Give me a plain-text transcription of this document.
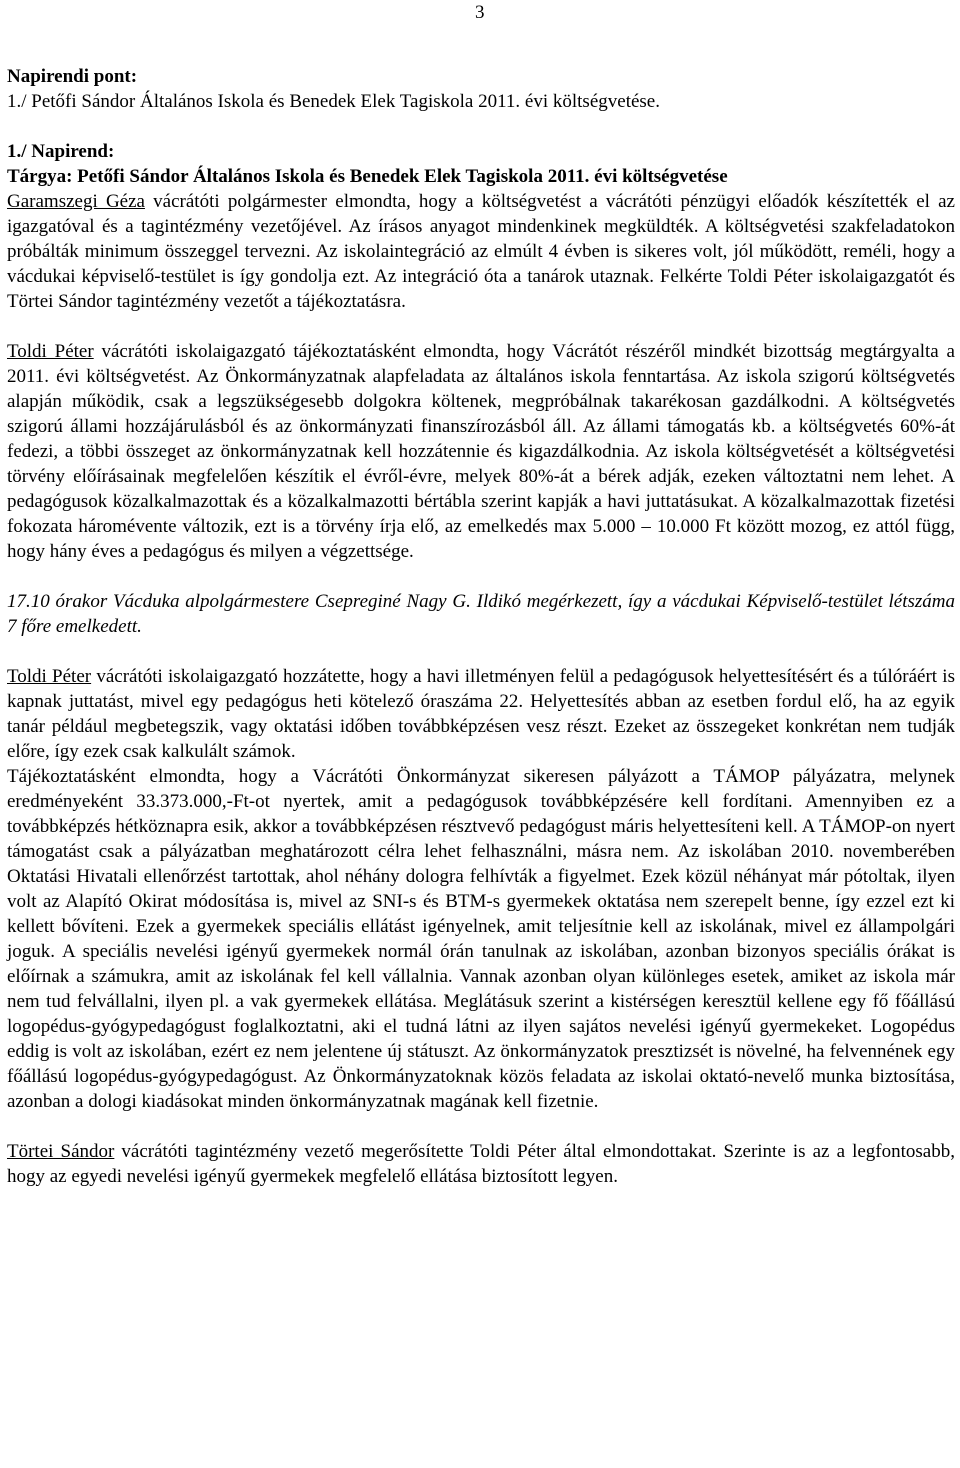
3

Napirendi pont:

1./ Petőfi Sándor Általános Iskola és Benedek Elek Tagiskola 2011. évi költségvetése.

1./ Napirend:

Tárgya: Petőfi Sándor Általános Iskola és Benedek Elek Tagiskola 2011. évi költségvetése

Garamszegi Géza vácrátóti polgármester elmondta, hogy a költségvetést a vácrátóti pénzügyi előadók készítették el az igazgatóval és a tagintézmény vezetőjével. Az írásos anyagot mindenkinek megküldték. A költségvetési szakfeladatokon próbálták minimum összeggel tervezni. Az iskolaintegráció az elmúlt 4 évben is sikeres volt, jól működött, reméli, hogy a vácdukai képviselő-testület is így gondolja ezt. Az integráció óta a tanárok utaznak. Felkérte Toldi Péter iskolaigazgatót és Törtei Sándor tagintézmény vezetőt a tájékoztatásra.

Toldi Péter vácrátóti iskolaigazgató tájékoztatásként elmondta, hogy Vácrátót részéről mindkét bizottság megtárgyalta a 2011. évi költségvetést. Az Önkormányzatnak alapfeladata az általános iskola fenntartása. Az iskola szigorú költségvetés alapján működik, csak a legszükségesebb dolgokra költenek, megpróbálnak takarékosan gazdálkodni. A költségvetés szigorú állami hozzájárulásból és az önkormányzati finanszírozásból áll. Az állami támogatás kb. a költségvetés 60%-át fedezi, a többi összeget az önkormányzatnak kell hozzátennie és kigazdálkodnia. Az iskola költségvetését a költségvetési törvény előírásainak megfelelően készítik el évről-évre, melyek 80%-át a bérek adják, ezeken változtatni nem lehet. A pedagógusok közalkalmazottak és a közalkalmazotti bértábla szerint kapják a havi juttatásukat. A közalkalmazottak fizetési fokozata háromévente változik, ezt is a törvény írja elő, az emelkedés max 5.000 – 10.000 Ft között mozog, ez attól függ, hogy hány éves a pedagógus és milyen a végzettsége.

17.10 órakor Vácduka alpolgármestere Csepreginé Nagy G. Ildikó megérkezett, így a vácdukai Képviselő-testület létszáma 7 főre emelkedett.

Toldi Péter vácrátóti iskolaigazgató hozzátette, hogy a havi illetményen felül a pedagógusok helyettesítésért és a túlóráért is kapnak juttatást, mivel egy pedagógus heti kötelező óraszáma 22. Helyettesítés abban az esetben fordul elő, ha az egyik tanár például megbetegszik, vagy oktatási időben továbbképzésen vesz részt. Ezeket az összegeket konkrétan nem tudják előre, így ezek csak kalkulált számok.

Tájékoztatásként elmondta, hogy a Vácrátóti Önkormányzat sikeresen pályázott a TÁMOP pályázatra, melynek eredményeként 33.373.000,-Ft-ot nyertek, amit a pedagógusok továbbképzésére kell fordítani. Amennyiben ez a továbbképzés hétköznapra esik, akkor a továbbképzésen résztvevő pedagógust máris helyettesíteni kell. A TÁMOP-on nyert támogatást csak a pályázatban meghatározott célra lehet felhasználni, másra nem. Az iskolában 2010. novemberében Oktatási Hivatali ellenőrzést tartottak, ahol néhány dologra felhívták a figyelmet. Ezek közül néhányat már pótoltak, ilyen volt az Alapító Okirat módosítása is, mivel az SNI-s és BTM-s gyermekek oktatása nem szerepelt benne, így ezzel ezt ki kellett bővíteni. Ezek a gyermekek speciális ellátást igényelnek, amit teljesítnie kell az iskolának, mivel ez állampolgári joguk. A speciális nevelési igényű gyermekek normál órán tanulnak az iskolában, azonban bizonyos speciális órákat is előírnak a számukra, amit az iskolának fel kell vállalnia. Vannak azonban olyan különleges esetek, amiket az iskola már nem tud felvállalni, ilyen pl. a vak gyermekek ellátása. Meglátásuk szerint a kistérségen keresztül kellene egy fő főállású logopédus-gyógypedagógust foglalkoztatni, aki el tudná látni az ilyen sajátos nevelési igényű gyermekeket. Logopédus eddig is volt az iskolában, ezért ez nem jelentene új státuszt. Az önkormányzatok presztizsét is növelné, ha felvennének egy főállású logopédus-gyógypedagógust. Az Önkormányzatoknak közös feladata az iskolai oktató-nevelő munka biztosítása, azonban a dologi kiadásokat minden önkormányzatnak magának kell fizetnie.

Törtei Sándor vácrátóti tagintézmény vezető megerősítette Toldi Péter által elmondottakat. Szerinte is az a legfontosabb, hogy az egyedi nevelési igényű gyermekek megfelelő ellátása biztosított legyen.
